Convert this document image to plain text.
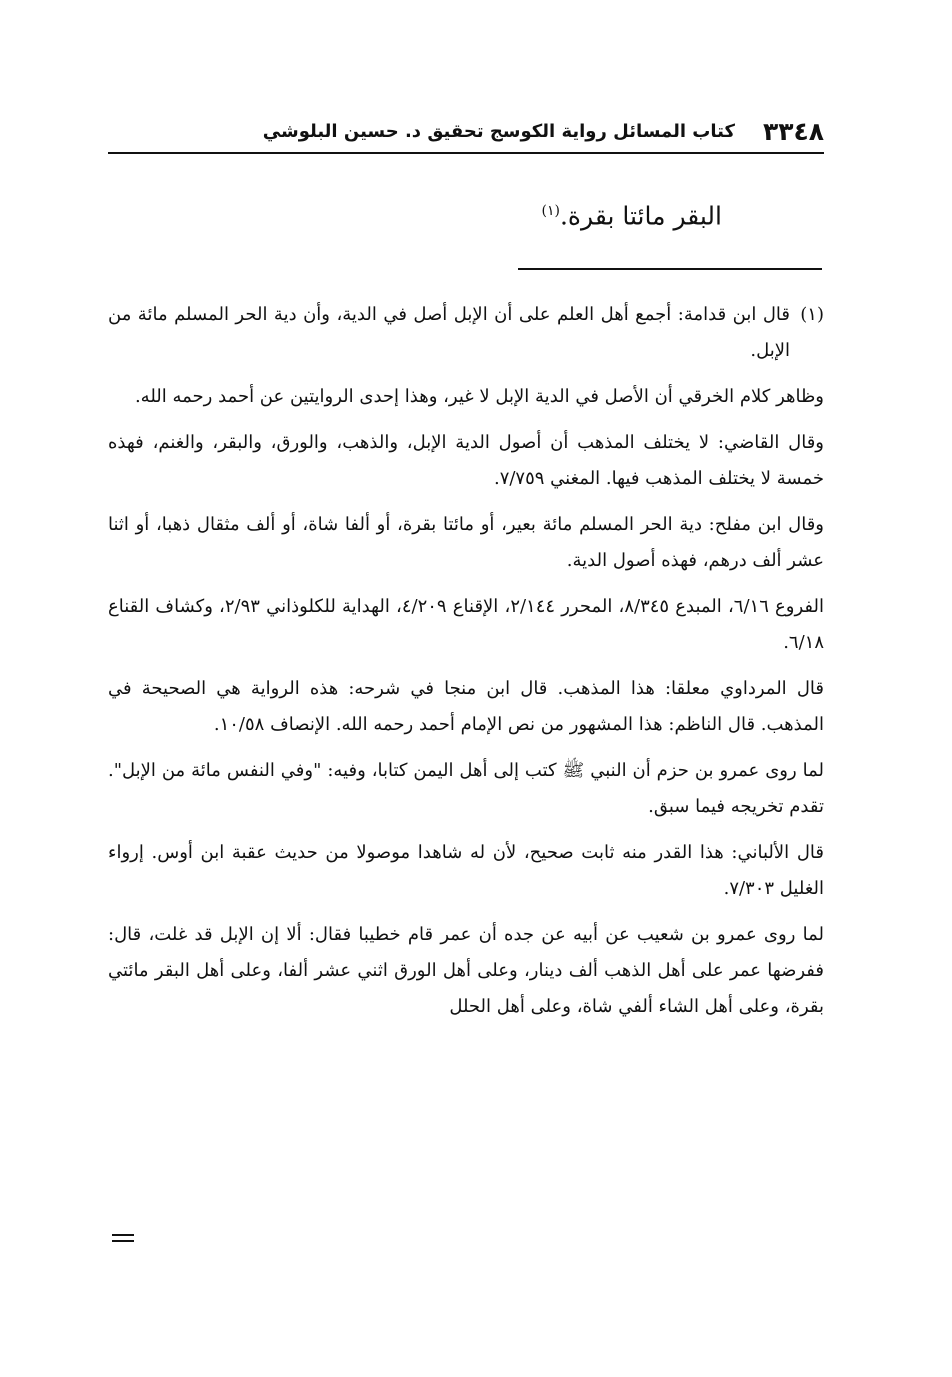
٣٣٤٨
كتاب المسائل رواية الكوسج تحقيق د. حسين البلوشي
البقر مائتا بقرة.$^{(١)}$

(١)قال ابن قدامة: أجمع أهل العلم على أن الإبل أصل في الدية، وأن دية الحر المسلم مائة من الإبل.

وظاهر كلام الخرقي أن الأصل في الدية الإبل لا غير، وهذا إحدى الروايتين عن أحمد رحمه الله.

وقال القاضي: لا يختلف المذهب أن أصول الدية الإبل، والذهب، والورق، والبقر، والغنم، فهذه خمسة لا يختلف المذهب فيها. المغني ٧/٧٥٩.

وقال ابن مفلح: دية الحر المسلم مائة بعير، أو مائتا بقرة، أو ألفا شاة، أو ألف مثقال ذهبا، أو اثنا عشر ألف درهم، فهذه أصول الدية.

الفروع ٦/١٦، المبدع ٨/٣٤٥، المحرر ٢/١٤٤، الإقناع ٤/٢٠٩، الهداية للكلوذاني ٢/٩٣، وكشاف القناع ٦/١٨.

قال المرداوي معلقا: هذا المذهب. قال ابن منجا في شرحه: هذه الرواية هي الصحيحة في المذهب. قال الناظم: هذا المشهور من نص الإمام أحمد رحمه الله. الإنصاف ١٠/٥٨.

لما روى عمرو بن حزم أن النبي ﷺ كتب إلى أهل اليمن كتابا، وفيه: "وفي النفس مائة من الإبل". تقدم تخريجه فيما سبق.

قال الألباني: هذا القدر منه ثابت صحيح، لأن له شاهدا موصولا من حديث عقبة ابن أوس. إرواء الغليل ٧/٣٠٣.

لما روى عمرو بن شعيب عن أبيه عن جده أن عمر قام خطيبا فقال: ألا إن الإبل قد غلت، قال: ففرضها عمر على أهل الذهب ألف دينار، وعلى أهل الورق اثني عشر ألفا، وعلى أهل البقر مائتي بقرة، وعلى أهل الشاء ألفي شاة، وعلى أهل الحلل
